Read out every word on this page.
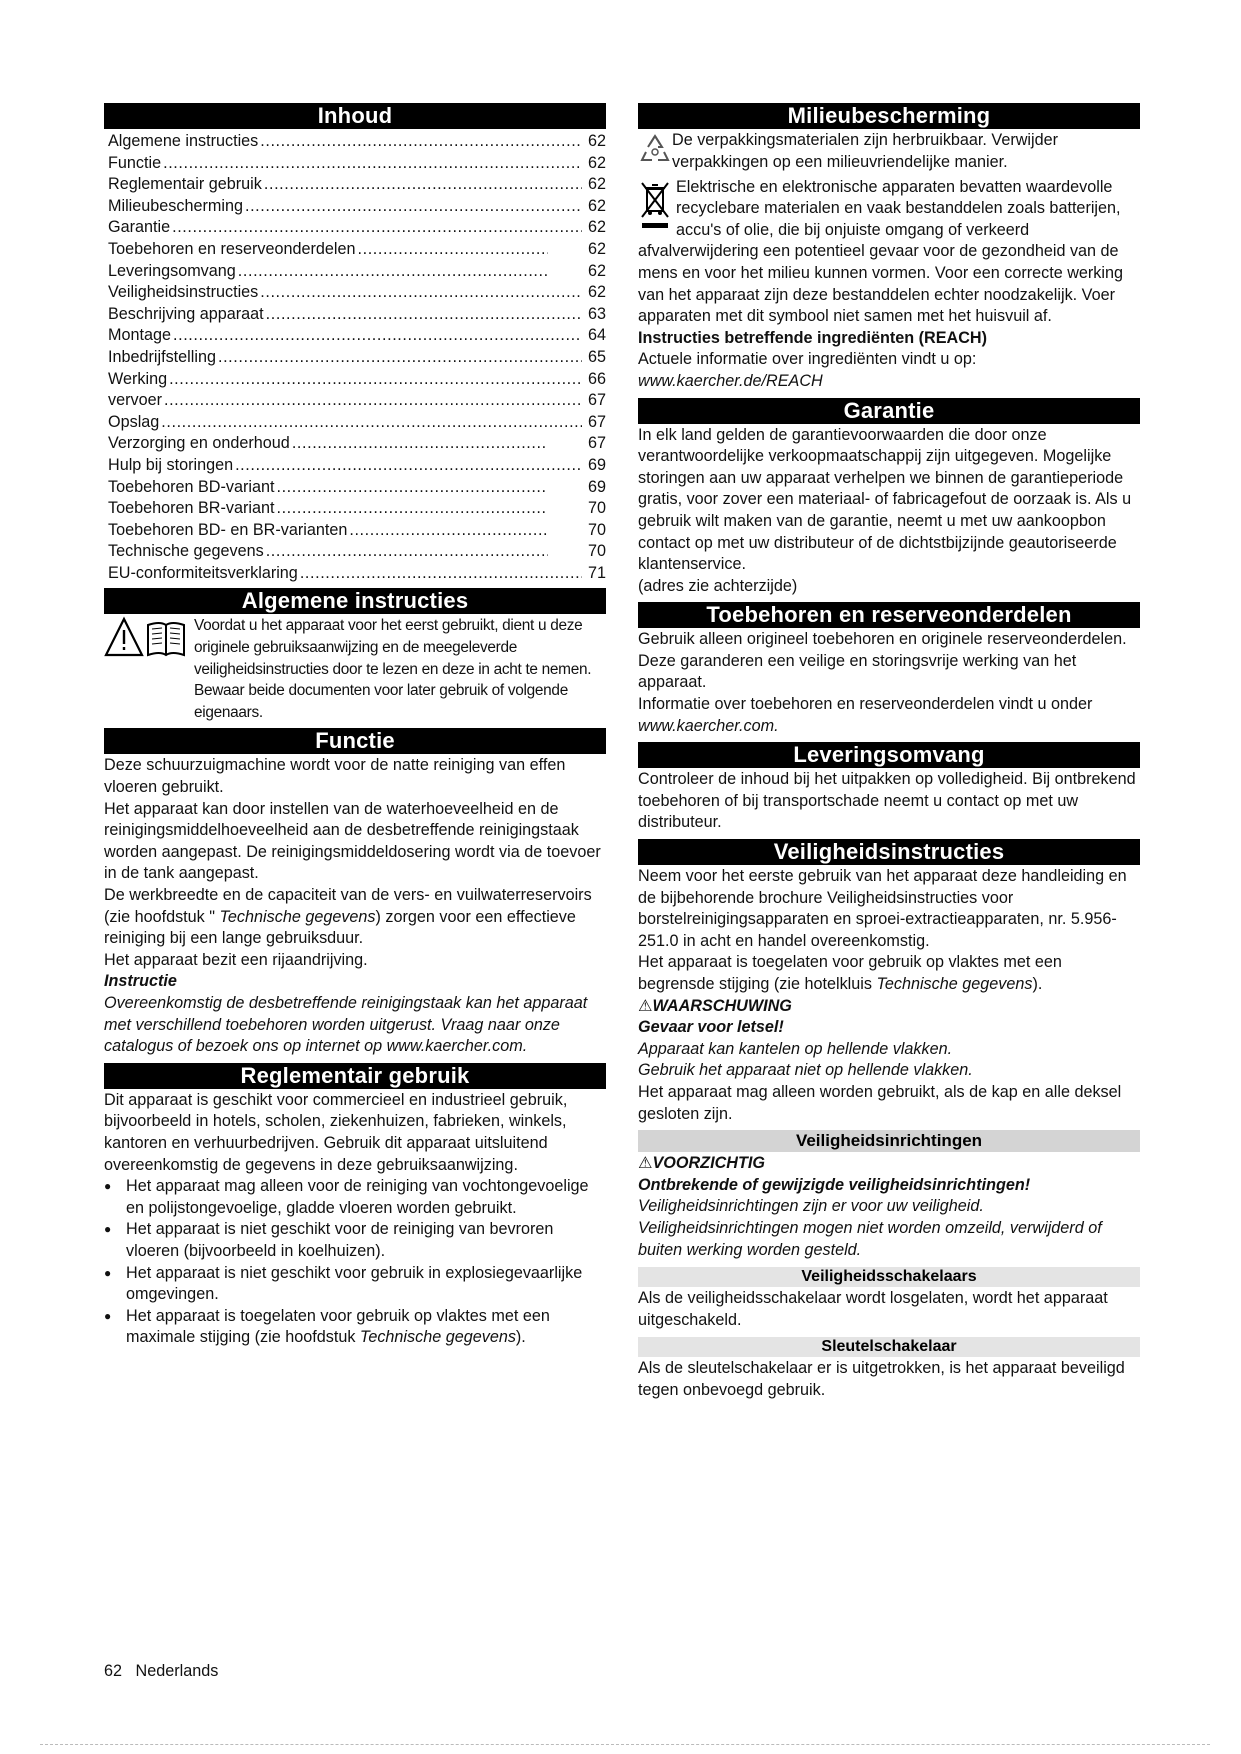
Inhoud
Algemene instructies .....	62
Functie .....	62
Reglementair gebruik .....	62
Milieubescherming .....	62
Garantie .....	62
Toebehoren en reserveonderdelen .....	62
Leveringsomvang .....	62
Veiligheidsinstructies .....	62
Beschrijving apparaat .....	63
Montage .....	64
Inbedrijfstelling .....	65
Werking .....	66
vervoer .....	67
Opslag .....	67
Verzorging en onderhoud .....	67
Hulp bij storingen .....	69
Toebehoren BD-variant .....	69
Toebehoren BR-variant .....	70
Toebehoren BD- en BR-varianten .....	70
Technische gegevens .....	70
EU-conformiteitsverklaring .....	71
Algemene instructies

Voordat u het apparaat voor het eerst gebruikt, dient u deze originele gebruiksaanwijzing en de meegeleverde veiligheidsinstructies door te lezen en deze in acht te nemen. Bewaar beide documenten voor later gebruik of volgende eigenaars.

Functie

Deze schuurzuigmachine wordt voor de natte reiniging van effen vloeren gebruikt.

Het apparaat kan door instellen van de waterhoeveelheid en de reinigingsmiddelhoeveelheid aan de desbetreffende reinigingstaak worden aangepast. De reinigingsmiddeldosering wordt via de toevoer in de tank aangepast.

De werkbreedte en de capaciteit van de vers- en vuilwaterreservoirs (zie hoofdstuk " Technische gegevens) zorgen voor een effectieve reiniging bij een lange gebruiksduur.

Het apparaat bezit een rijaandrijving.

Instructie

Overeenkomstig de desbetreffende reinigingstaak kan het apparaat met verschillend toebehoren worden uitgerust. Vraag naar onze catalogus of bezoek ons op internet op www.kaercher.com.

Reglementair gebruik

Dit apparaat is geschikt voor commercieel en industrieel gebruik, bijvoorbeeld in hotels, scholen, ziekenhuizen, fabrieken, winkels, kantoren en verhuurbedrijven. Gebruik dit apparaat uitsluitend overeenkomstig de gegevens in deze gebruiksaanwijzing.

● Het apparaat mag alleen voor de reiniging van vochtongevoelige en polijstongevoelige, gladde vloeren worden gebruikt.
● Het apparaat is niet geschikt voor de reiniging van bevroren vloeren (bijvoorbeeld in koelhuizen).
● Het apparaat is niet geschikt voor gebruik in explosiegevaarlijke omgevingen.
● Het apparaat is toegelaten voor gebruik op vlaktes met een maximale stijging (zie hoofdstuk Technische gegevens).
Milieubescherming

De verpakkingsmaterialen zijn herbruikbaar. Verwijder verpakkingen op een milieuvriendelijke manier.

Elektrische en elektronische apparaten bevatten waardevolle recyclebare materialen en vaak bestanddelen zoals batterijen, accu's of olie, die bij onjuiste omgang of verkeerd afvalverwijdering een potentieel gevaar voor de gezondheid van de mens en voor het milieu kunnen vormen. Voor een correcte werking van het apparaat zijn deze bestanddelen echter noodzakelijk. Voer apparaten met dit symbool niet samen met het huisvuil af.

Instructies betreffende ingrediënten (REACH)

Actuele informatie over ingrediënten vindt u op: www.kaercher.de/REACH

Garantie

In elk land gelden de garantievoorwaarden die door onze verantwoordelijke verkoopmaatschappij zijn uitgegeven. Mogelijke storingen aan uw apparaat verhelpen we binnen de garantieperiode gratis, voor zover een materiaal- of fabricagefout de oorzaak is. Als u gebruik wilt maken van de garantie, neemt u met uw aankoopbon contact op met uw distributeur of de dichtstbijzijnde geautoriseerde klantenservice.

(adres zie achterzijde)

Toebehoren en reserveonderdelen

Gebruik alleen origineel toebehoren en originele reserveonderdelen. Deze garanderen een veilige en storingsvrije werking van het apparaat.

Informatie over toebehoren en reserveonderdelen vindt u onder www.kaercher.com.

Leveringsomvang

Controleer de inhoud bij het uitpakken op volledigheid. Bij ontbrekend toebehoren of bij transportschade neemt u contact op met uw distributeur.

Veiligheidsinstructies

Neem voor het eerste gebruik van het apparaat deze handleiding en de bijbehorende brochure Veiligheidsinstructies voor borstelreinigingsapparaten en sproei-extractieapparaten, nr. 5.956-251.0 in acht en handel overeenkomstig.

Het apparaat is toegelaten voor gebruik op vlaktes met een begrensde stijging (zie hotelkluis Technische gegevens).

⚠WAARSCHUWING

Gevaar voor letsel!

Apparaat kan kantelen op hellende vlakken.

Gebruik het apparaat niet op hellende vlakken.

Het apparaat mag alleen worden gebruikt, als de kap en alle deksel gesloten zijn.

Veiligheidsinrichtingen

⚠VOORZICHTIG

Ontbrekende of gewijzigde veiligheidsinrichtingen!

Veiligheidsinrichtingen zijn er voor uw veiligheid.

Veiligheidsinrichtingen mogen niet worden omzeild, verwijderd of buiten werking worden gesteld.

Veiligheidsschakelaars

Als de veiligheidsschakelaar wordt losgelaten, wordt het apparaat uitgeschakeld.

Sleutelschakelaar

Als de sleutelschakelaar er is uitgetrokken, is het apparaat beveiligd tegen onbevoegd gebruik.

62 Nederlands
